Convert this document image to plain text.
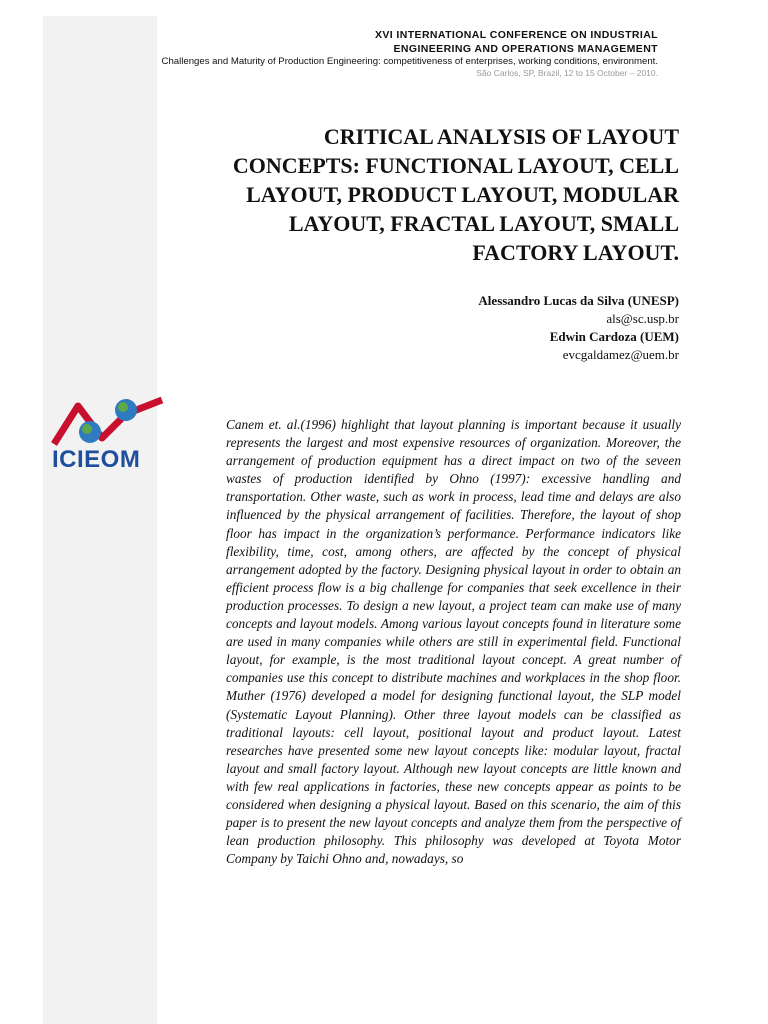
ICIEOM
XVI INTERNATIONAL CONFERENCE ON INDUSTRIAL
ENGINEERING AND OPERATIONS MANAGEMENT
Challenges and Maturity of Production Engineering: competitiveness of enterprises, working conditions, environment.
São Carlos, SP, Brazil, 12 to 15 October – 2010.
CRITICAL ANALYSIS OF LAYOUT CONCEPTS: FUNCTIONAL LAYOUT, CELL LAYOUT, PRODUCT LAYOUT, MODULAR LAYOUT, FRACTAL LAYOUT, SMALL FACTORY LAYOUT.
Alessandro Lucas da Silva (UNESP)
als@sc.usp.br
Edwin Cardoza (UEM)
evcgaldamez@uem.br
Canem et. al.(1996) highlight that layout planning is important because it usually represents the largest and most expensive resources of organization. Moreover, the arrangement of production equipment has a direct impact on two of the seveen wastes of production identified by Ohno (1997): excessive handling and transportation. Other waste, such as work in process, lead time and delays are also influenced by the physical arrangement of facilities. Therefore, the layout of shop floor has impact in the organization’s performance. Performance indicators like flexibility, time, cost, among others, are affected by the concept of physical arrangement adopted by the factory. Designing physical layout in order to obtain an efficient process flow is a big challenge for companies that seek excellence in their production processes. To design a new layout, a project team can make use of many concepts and layout models. Among various layout concepts found in literature some are used in many companies while others are still in experimental field. Functional layout, for example, is the most traditional layout concept. A great number of companies use this concept to distribute machines and workplaces in the shop floor. Muther (1976) developed a model for designing functional layout, the SLP model (Systematic Layout Planning). Other three layout models can be classified as traditional layouts: cell layout, positional layout and product layout. Latest researches have presented some new layout concepts like: modular layout, fractal layout and small factory layout. Although new layout concepts are little known and with few real applications in factories, these new concepts appear as points to be considered when designing a physical layout. Based on this scenario, the aim of this paper is to present the new layout concepts and analyze them from the perspective of lean production philosophy. This philosophy was developed at Toyota Motor Company by Taichi Ohno and, nowadays, so
